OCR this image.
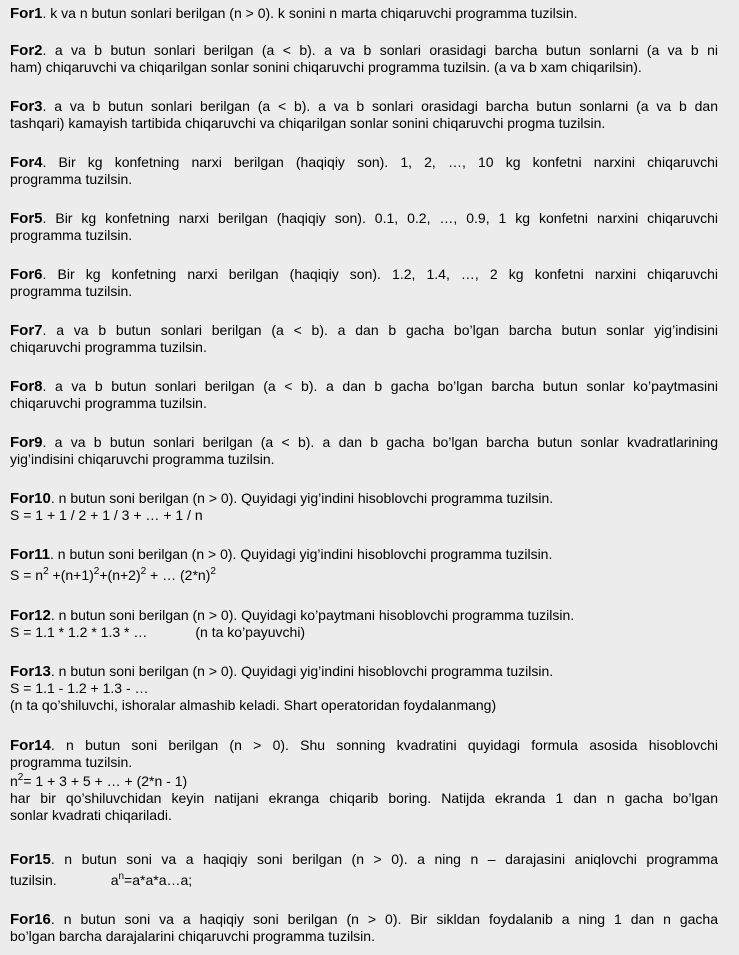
For1. k va n butun sonlari berilgan (n > 0). k sonini n marta chiqaruvchi programma tuzilsin.
For2. a va b butun sonlari berilgan (a < b). a va b sonlari orasidagi barcha butun sonlarni (a va b ni
ham) chiqaruvchi va chiqarilgan sonlar sonini chiqaruvchi programma tuzilsin. (a va b xam chiqarilsin).
For3. a va b butun sonlari berilgan (a < b). a va b sonlari orasidagi barcha butun sonlarni (a va b dan
tashqari) kamayish tartibida chiqaruvchi va chiqarilgan sonlar sonini chiqaruvchi progma tuzilsin.
For4. Bir kg konfetning narxi berilgan (haqiqiy son). 1, 2, …, 10 kg konfetni narxini chiqaruvchi
programma tuzilsin.
For5. Bir kg konfetning narxi berilgan (haqiqiy son). 0.1, 0.2, …, 0.9, 1 kg konfetni narxini chiqaruvchi
programma tuzilsin.
For6. Bir kg konfetning narxi berilgan (haqiqiy son). 1.2, 1.4, …, 2 kg konfetni narxini chiqaruvchi
programma tuzilsin.
For7. a va b butun sonlari berilgan (a < b). a dan b gacha bo’lgan barcha butun sonlar yig’indisini
chiqaruvchi programma tuzilsin.
For8. a va b butun sonlari berilgan (a < b). a dan b gacha bo’lgan barcha butun sonlar ko’paytmasini
chiqaruvchi programma tuzilsin.
For9. a va b butun sonlari berilgan (a < b). a dan b gacha bo’lgan barcha butun sonlar kvadratlarining
yig’indisini chiqaruvchi programma tuzilsin.
For10. n butun soni berilgan (n > 0). Quyidagi yig’indini hisoblovchi programma tuzilsin.
S = 1 + 1 / 2 + 1 / 3 + … + 1 / n
For11. n butun soni berilgan (n > 0). Quyidagi yig’indini hisoblovchi programma tuzilsin.
$S = n^2 +(n+1)^2+(n+2)^2$ + … $(2*n)^2$
For12. n butun soni berilgan (n > 0). Quyidagi ko’paytmani hisoblovchi programma tuzilsin.
S = 1.1 * 1.2 * 1.3 * …	(n ta ko’payuvchi)
For13. n butun soni berilgan (n > 0). Quyidagi yig’indini hisoblovchi programma tuzilsin.
S = 1.1 - 1.2 + 1.3 - …
(n ta qo’shiluvchi, ishoralar almashib keladi. Shart operatoridan foydalanmang)
For14. n butun soni berilgan (n > 0). Shu sonning kvadratini quyidagi formula asosida hisoblovchi
programma tuzilsin.
$n^2= 1 + 3 + 5$ + … + (2*n - 1)
har bir qo’shiluvchidan keyin natijani ekranga chiqarib boring. Natijda ekranda 1 dan n gacha bo’lgan
sonlar kvadrati chiqariladi.
For15. n butun soni va a haqiqiy soni berilgan (n > 0). a ning n – darajasini aniqlovchi programma
tuzilsin.	$a^n=a*a*a\dots a$;
For16. n butun soni va a haqiqiy soni berilgan (n > 0). Bir sikldan foydalanib a ning 1 dan n gacha
bo’lgan barcha darajalarini chiqaruvchi programma tuzilsin.
